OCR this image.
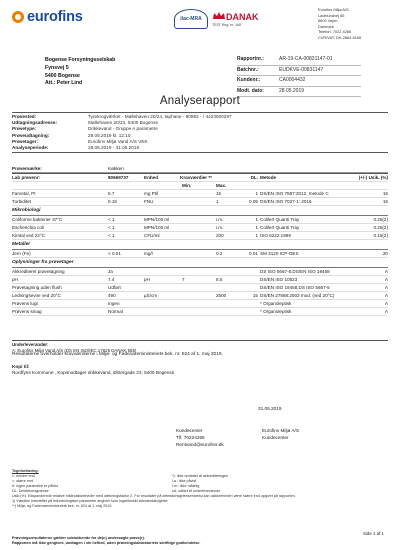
eurofins	ilac-MRA	DANAK
TEST Reg. nr. 168
Eurofins Miljø A/S
Ladelundvej 85
6600 Vejen
Danmark
Telefon: 7022 4266
CVR/VAT: DK-2864 8166
Bogense Forsyningsselskab
Fynsvej 5
5400 Bogense
Att.: Peter Lind
Rapportnr.:	AR-19-CA-00831147-01
Batchnr.:	EUDKVE-00831147
Kundenr.:	CA0004432
Modt. dato:	28.05.2019
Analyserapport
Prøvested:	Tyrekrogværket - Møllehaven 20/24, taphane - 80982 - / 4423000297
Udtagningsadresse:	Møllehaven 20/24, 5400 Bogense
Prøvetype:	Drikkevand - Gruppe A parametre
Prøveudtagning:	28.05.2019 kl. 12:10
Prøvetager:	Eurofins Miljø Vand A/S VEK
Analyseperiode:	28.05.2019 - 31.05.2019
Prøvemærke:	Køkken
Lab prøvenr:	80669737	Enhed	Kravværdier **	DL. Metode	(+/-) Usik. (%)
Min.	Max.
Farvetal, Pt	5.7	mg Pt/l	15	1 DS/EN ISO 7887:2012, metode C	15
Turbiditet	0.15	FNU	1	0.05 DS/EN ISO 7027-1: 2016	15
Mikrobiologi
Coliforme bakterier 37°C	< 1	MPN/100 ml	i.m.	1 Colilert Quanti Tray	0.25(2)
Escherichia coli	< 1	MPN/100 ml	i.m.	1 Colilert Quanti Tray	0.25(2)
Kimtal ved 22°C	< 1	CFU/ml	200	1 ISO 6222:1999	0.15(2)
Metaller
Jern (Fe)	< 0.01	mg/l	0.2	0.01 SM 3120 ICP-OES	20
Oplysninger fra prøvetager
Akkrediteret prøvetagning	Ja	DS ISO 5667-5:DS/EN ISO 19458	A
pH	7.4	pH	7	8.5	DS/EN ISO 10523	A
Prøvetagning uden flush	Udført	DS/EN ISO 19458,DS ISO 5667-5	A
Ledningsevne ved 20°C	490	µS/cm	2500	15 DS/EN 27888:2003 mod. (ved 20°C)	A
Prøvens lugt	Ingen	* Organoleptisk	A
Prøvens smag	Normal	* Organoleptisk	A
Underleverandør:
A: Eurofins Miljø Vand A/S (DS EN ISO/IEC 17025 DANAK 555)
Resultaterne overholder kravværdierne i Miljø- og Fødevareministeriets bek. nr. 524 af 1. maj 2019.
Kopi til:
Nordfyns Kommune , Kopimodtager drikkevand, Østergade 23, 5400 Bogense
31.05.2019
Kundecenter
Tlf. 70224266
Rentvand@eurofins.dk
Eurofins Miljø A/S
Kundecenter
Tegnforklaring:
<: mindre end
>: større end
#: ingen parametre er påvist
DL: Detektionsgrænse
*): Ikke omfattet af akkrediteringen
i.a.: ikke påvist
i.m.: ikke målelig
ud: udført af underleverandør
Usik.(%): Ekspanderede relative måleusikkerheder med dækningsfaktor 2. For resultater på detektionsgrænseniveau kan usikkerheden være større end opgivet på rapporten.
1) Værdien bekræftet på mikrobiologiske parametre angives som logaritmiskt standardafvigelse
**) Miljø- og Fødevareministeriets bek. nr. 524 af 1. maj 2019
Side 1 af 1
Prøvningsresultaterne gælder udelukkende for de(n) undersøgte prøve(r).
Rapporten må ikke gengives, undtagen i sin helhed, uden prøvningslaboratoriets skriftlige godkendelse.
